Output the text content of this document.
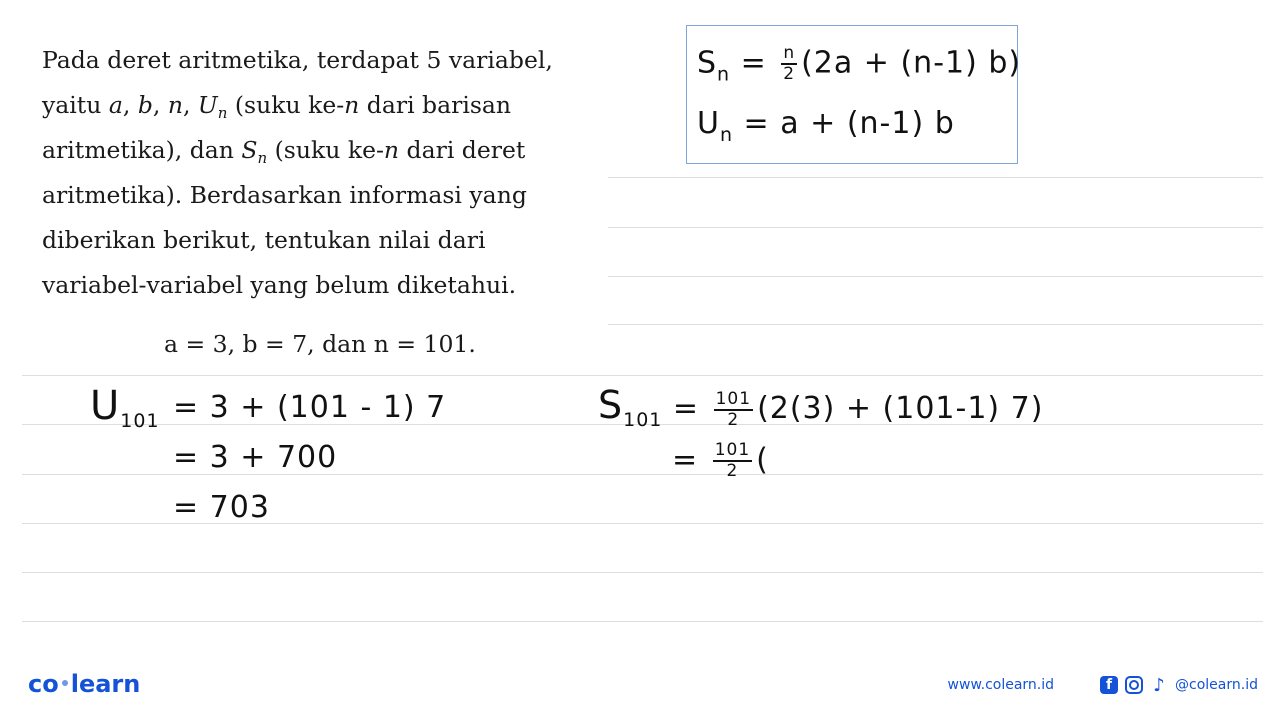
Pada deret aritmetika, terdapat 5 variabel,
yaitu a, b, n, $U_n$ (suku ke-n dari barisan
aritmetika), dan $S_n$ (suku ke-n dari deret
aritmetika). Berdasarkan informasi yang
diberikan berikut, tentukan nilai dari
variabel-variabel yang belum diketahui.
a = 3, b = 7, dan n = 101.
$S_n = \frac{n}{2} (2a + (n-1)$ b)
$U_n = a + (n-1)$ b
$U_{101} = 3 + (101 - 1)$ 7
= 3 + 700
= 703
$S_{101} = \frac{101}{2} (2(3) + (101-1)$ 7)
= $\frac{101}{2}$ (
co learn	www.colearn.id	f	♪ @colearn.id
